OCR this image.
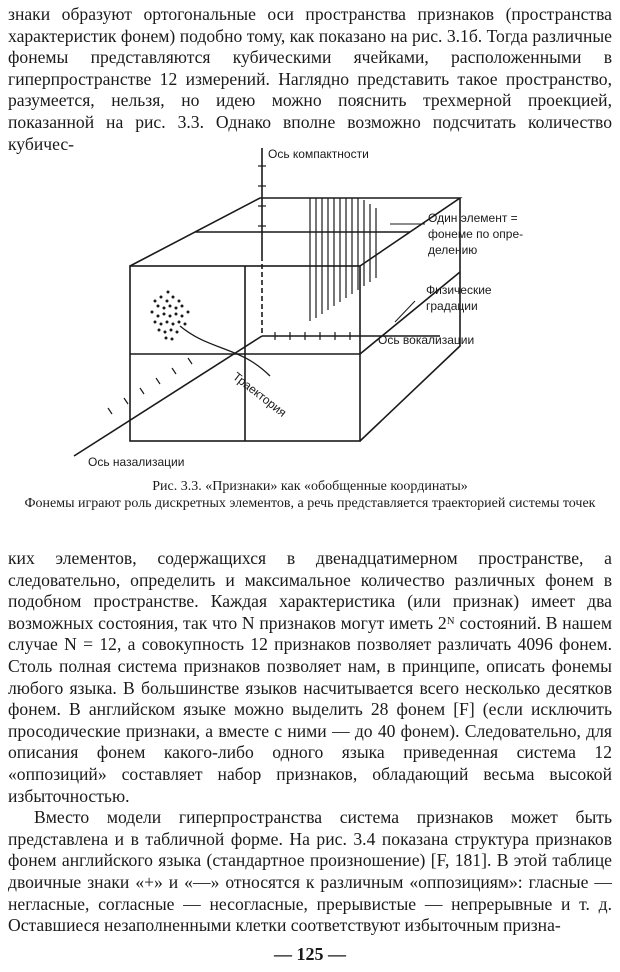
знаки образуют ортогональные оси пространства признаков (пространства характеристик фонем) подобно тому, как показано на рис. 3.1б. Тогда различные фонемы представляются кубическими ячейками, расположенными в гиперпространстве 12 измерений. Наглядно представить такое пространство, разумеется, нельзя, но идею можно пояснить трехмерной проекцией, показанной на рис. 3.3. Однако вполне возможно подсчитать количество кубичес-

Ось компактности
Ось вокализации
Ось назализации
Один элемент =
фонеме по опре-
делению
Физические
градации
Траектория

Рис. 3.3. «Признаки» как «обобщенные координаты»

Фонемы играют роль дискретных элементов, а речь представляется траекторией системы точек

ких элементов, содержащихся в двенадцатимерном пространстве, а следовательно, определить и максимальное количество различных фонем в подобном пространстве. Каждая характеристика (или признак) имеет два возможных состояния, так что N признаков могут иметь 2ᴺ состояний. В нашем случае N = 12, а совокупность 12 признаков позволяет различать 4096 фонем. Столь полная система признаков позволяет нам, в принципе, описать фонемы любого языка. В большинстве языков насчитывается всего несколько десятков фонем. В английском языке можно выделить 28 фонем [F] (если исключить просодические признаки, а вместе с ними — до 40 фонем). Следовательно, для описания фонем какого-либо одного языка приведенная система 12 «оппозиций» составляет набор признаков, обладающий весьма высокой избыточностью.

Вместо модели гиперпространства система признаков может быть представлена и в табличной форме. На рис. 3.4 показана структура признаков фонем английского языка (стандартное произношение) [F, 181]. В этой таблице двоичные знаки «+» и «—» относятся к различным «оппозициям»: гласные — негласные, согласные — несогласные, прерывистые — непрерывные и т. д. Оставшиеся незаполненными клетки соответствуют избыточным призна-

— 125 —
